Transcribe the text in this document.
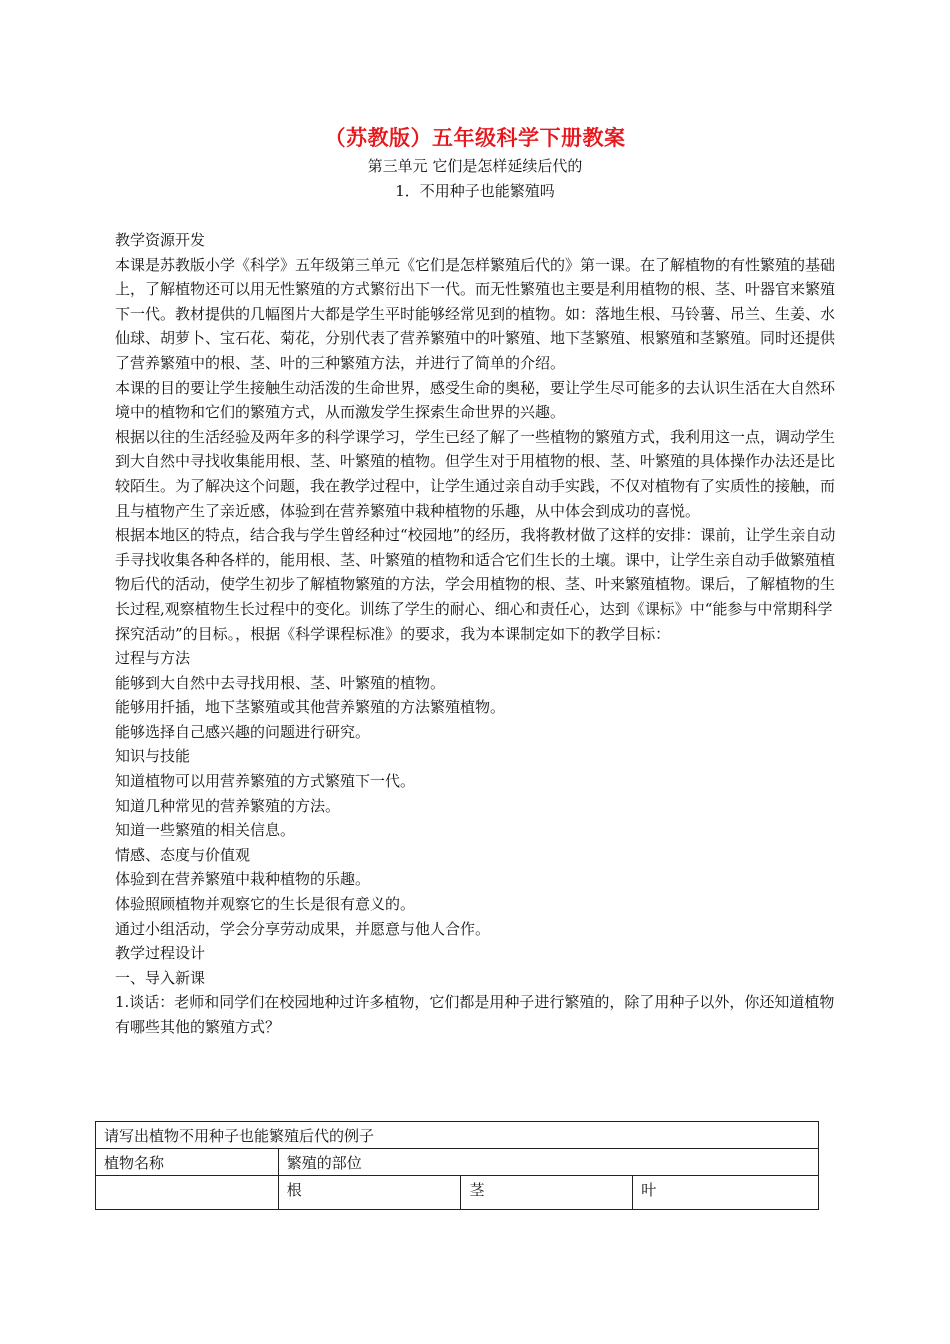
（苏教版）五年级科学下册教案
第三单元 它们是怎样延续后代的
1．不用种子也能繁殖吗

教学资源开发

本课是苏教版小学《科学》五年级第三单元《它们是怎样繁殖后代的》第一课。在了解植物的有性繁殖的基础上，了解植物还可以用无性繁殖的方式繁衍出下一代。而无性繁殖也主要是利用植物的根、茎、叶器官来繁殖下一代。教材提供的几幅图片大都是学生平时能够经常见到的植物。如：落地生根、马铃薯、吊兰、生姜、水仙球、胡萝卜、宝石花、菊花，分别代表了营养繁殖中的叶繁殖、地下茎繁殖、根繁殖和茎繁殖。同时还提供了营养繁殖中的根、茎、叶的三种繁殖方法，并进行了简单的介绍。

本课的目的要让学生接触生动活泼的生命世界，感受生命的奥秘，要让学生尽可能多的去认识生活在大自然环境中的植物和它们的繁殖方式，从而激发学生探索生命世界的兴趣。

根据以往的生活经验及两年多的科学课学习，学生已经了解了一些植物的繁殖方式，我利用这一点，调动学生到大自然中寻找收集能用根、茎、叶繁殖的植物。但学生对于用植物的根、茎、叶繁殖的具体操作办法还是比较陌生。为了解决这个问题，我在教学过程中，让学生通过亲自动手实践，不仅对植物有了实质性的接触，而且与植物产生了亲近感，体验到在营养繁殖中栽种植物的乐趣，从中体会到成功的喜悦。

根据本地区的特点，结合我与学生曾经种过“校园地”的经历，我将教材做了这样的安排：课前，让学生亲自动手寻找收集各种各样的，能用根、茎、叶繁殖的植物和适合它们生长的土壤。课中，让学生亲自动手做繁殖植物后代的活动，使学生初步了解植物繁殖的方法，学会用植物的根、茎、叶来繁殖植物。课后，了解植物的生长过程,观察植物生长过程中的变化。训练了学生的耐心、细心和责任心，达到《课标》中“能参与中常期科学探究活动”的目标。，根据《科学课程标准》的要求，我为本课制定如下的教学目标：

过程与方法

能够到大自然中去寻找用根、茎、叶繁殖的植物。

能够用扦插，地下茎繁殖或其他营养繁殖的方法繁殖植物。

能够选择自己感兴趣的问题进行研究。

知识与技能

知道植物可以用营养繁殖的方式繁殖下一代。

知道几种常见的营养繁殖的方法。

知道一些繁殖的相关信息。

情感、态度与价值观

体验到在营养繁殖中栽种植物的乐趣。

体验照顾植物并观察它的生长是很有意义的。

通过小组活动，学会分享劳动成果，并愿意与他人合作。

教学过程设计

一、导入新课

1.谈话：老师和同学们在校园地种过许多植物，它们都是用种子进行繁殖的，除了用种子以外，你还知道植物有哪些其他的繁殖方式？

请写出植物不用种子也能繁殖后代的例子			
植物名称	繁殖的部位		
	根	茎	叶
